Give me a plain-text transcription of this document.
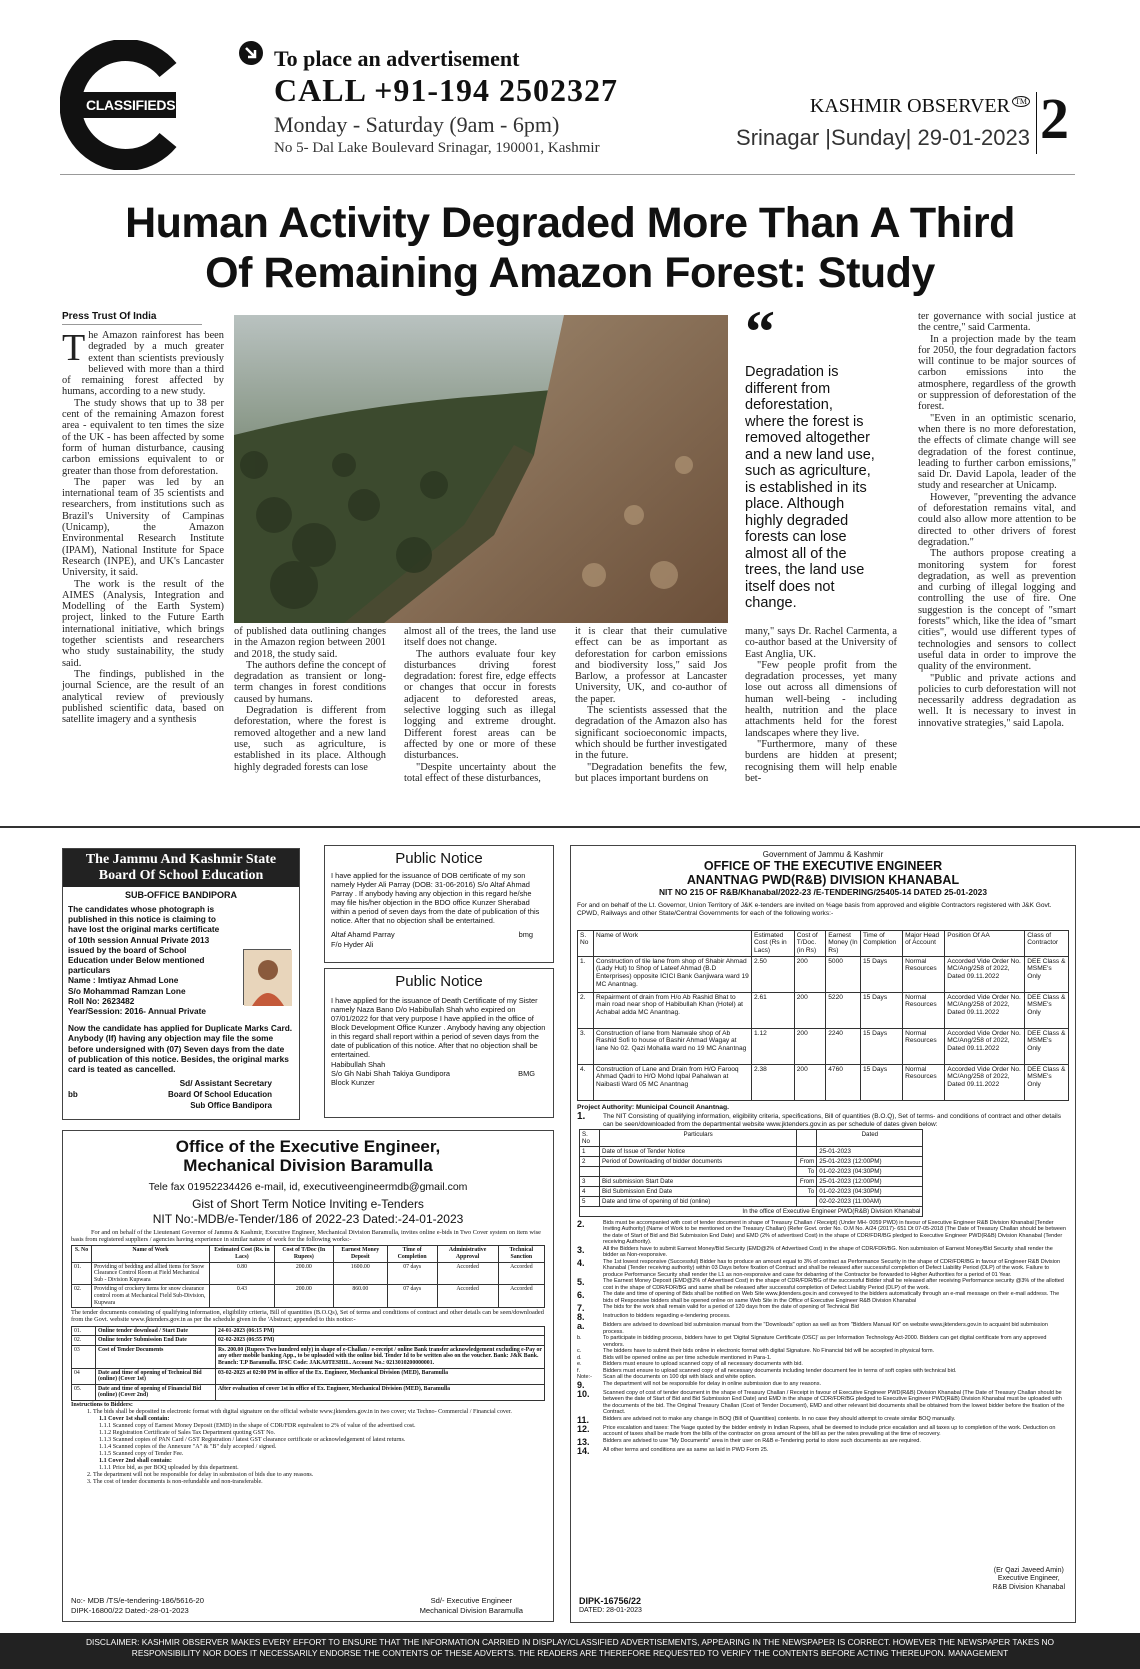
CLASSIFIEDS
To place an advertisement
CALL +91-194 2502327
Monday - Saturday (9am - 6pm)
No 5- Dal Lake Boulevard Srinagar, 190001, Kashmir
KASHMIR OBSERVER ™
Srinagar |Sunday| 29-01-2023 2
Human Activity Degraded More Than A Third
Of Remaining Amazon Forest: Study
Press Trust Of India

The Amazon rainforest has been degraded by a much greater extent than scientists previously believed with more than a third of remaining forest affected by humans, according to a new study.

The study shows that up to 38 per cent of the remaining Amazon forest area - equivalent to ten times the size of the UK - has been affected by some form of human disturbance, causing carbon emissions equivalent to or greater than those from deforestation.

The paper was led by an international team of 35 scientists and researchers, from institutions such as Brazil's University of Campinas (Unicamp), the Amazon Environmental Research Institute (IPAM), National Institute for Space Research (INPE), and UK's Lancaster University, it said.

The work is the result of the AIMES (Analysis, Integration and Modelling of the Earth System) project, linked to the Future Earth international initiative, which brings together scientists and researchers who study sustainability, the study said.

The findings, published in the journal Science, are the result of an analytical review of previously published scientific data, based on satellite imagery and a synthesis

of published data outlining changes in the Amazon region between 2001 and 2018, the study said.

The authors define the concept of degradation as transient or long-term changes in forest conditions caused by humans.

Degradation is different from deforestation, where the forest is removed altogether and a new land use, such as agriculture, is established in its place. Although highly degraded forests can lose

almost all of the trees, the land use itself does not change.

The authors evaluate four key disturbances driving forest degradation: forest fire, edge effects or changes that occur in forests adjacent to deforested areas, selective logging such as illegal logging and extreme drought. Different forest areas can be affected by one or more of these disturbances.

"Despite uncertainty about the total effect of these disturbances,

it is clear that their cumulative effect can be as important as deforestation for carbon emissions and biodiversity loss," said Jos Barlow, a professor at Lancaster University, UK, and co-author of the paper.

The scientists assessed that the degradation of the Amazon also has significant socioeconomic impacts, which should be further investigated in the future.

"Degradation benefits the few, but places important burdens on

many," says Dr. Rachel Carmenta, a co-author based at the University of East Anglia, UK.

"Few people profit from the degradation processes, yet many lose out across all dimensions of human well-being - including health, nutrition and the place attachments held for the forest landscapes where they live.

"Furthermore, many of these burdens are hidden at present; recognising them will help enable bet-

“
Degradation is different from deforestation, where the forest is removed altogether and a new land use, such as agriculture, is established in its place. Although highly degraded forests can lose almost all of the trees, the land use itself does not change.

ter governance with social justice at the centre," said Carmenta.

In a projection made by the team for 2050, the four degradation factors will continue to be major sources of carbon emissions into the atmosphere, regardless of the growth or suppression of deforestation of the forest.

"Even in an optimistic scenario, when there is no more deforestation, the effects of climate change will see degradation of the forest continue, leading to further carbon emissions," said Dr. David Lapola, leader of the study and researcher at Unicamp.

However, "preventing the advance of deforestation remains vital, and could also allow more attention to be directed to other drivers of forest degradation."

The authors propose creating a monitoring system for forest degradation, as well as prevention and curbing of illegal logging and controlling the use of fire. One suggestion is the concept of "smart forests" which, like the idea of "smart cities", would use different types of technologies and sensors to collect useful data in order to improve the quality of the environment.

"Public and private actions and policies to curb deforestation will not necessarily address degradation as well. It is necessary to invest in innovative strategies," said Lapola.

The Jammu And Kashmir State
Board Of School Education
SUB-OFFICE BANDIPORA
The candidates whose photograph is published in this notice is claiming to have lost the original marks certificate of 10th session Annual Private 2013 issued by the board of School Education under Below mentioned particulars
Name : Imtiyaz Ahmad Lone
S/o Mohammad Ramzan Lone
Roll No: 2623482
Year/Session: 2016- Annual Private
Now the candidate has applied for Duplicate Marks Card. Anybody (If) having any objection may file the some before undersigned with (07) Seven days from the date of publication of this notice. Besides, the original marks card is teated as cancelled.
Sd/ Assistant Secretary
bb	Board Of School Education
Sub Office Bandipora
Public Notice
I have applied for the issuance of DOB certificate of my son namely Hyder Ali Parray (DOB: 31-06-2016) S/o Altaf Ahmad Parray . If anybody having any objection in this regard he/she may file his/her objection in the BDO office Kunzer Sherabad within a period of seven days from the date of publication of this notice. After that no objection shall be entertained.
Altaf Ahamd Parray	bmg
F/o Hyder Ali
Public Notice
I have applied for the issuance of Death Certificate of my Sister namely Naza Bano D/o Habibullah Shah who expired on 07/01/2022 for that very purpose I have applied in the office of Block Development Office Kunzer . Anybody having any objection in this regard shall report within a period of seven days from the date of publication of this notice. After that no objection shall be entertained.
Habibullah Shah
S/o Gh Nabi Shah Takiya Gundipora	BMG
Block Kunzer
Office of the Executive Engineer,
Mechanical Division Baramulla
Tele fax 01952234426 e-mail, id, executiveengineermdb@gmail.com
Gist of Short Term Notice Inviting e-Tenders
NIT No:-MDB/e-Tender/186 of 2022-23 Dated:-24-01-2023
For and on behalf of the Lieutenant Governor of Jammu & Kashmir, Executive Engineer, Mechanical Division Baramulla, invites online e-bids in Two Cover system on item wise basis from registered suppliers / agencies having experience in similar nature of work for the following works:-
S. No	Name of Work	Estimated Cost (Rs. in Lacs)	Cost of T/Doc (In Rupees)	Earnest Money Deposit	Time of Completion	Administrative Approval	Technical Sanction
01.	Providing of bedding and allied items for Snow Clearance Control Room at Field Mechanical Sub - Division Kupwara	0.80	200.00	1600.00	07 days	Accorded	Accorded
02.	Providing of crockery items for snow clearance control room at Mechanical Field Sub-Division, Kupwara	0.43	200.00	860.00	07 days	Accorded	Accorded
The tender documents consisting of qualifying information, eligibility criteria, Bill of quantities (B.O.Qs), Set of terms and conditions of contract and other details can be seen/downloaded from the Govt. website www.jktenders.gov.in as per the schedule given in the 'Abstract; appended to this notice:-
01.	Online tender download / Start Date	24-01-2023 (06:15 PM)
02.	Online tender Submission End Date	02-02-2023 (06:55 PM)
03	Cost of Tender Documents	Rs. 200.00 (Rupees Two hundred only) in shape of e-Challan / e-receipt / online Bank transfer acknowledgement excluding e-Pay or any other mobile banking App., to be uploaded with the online bid. Tender Id to be written also on the voucher. Bank: J&K Bank. Branch: T.P Baramulla. IFSC Code: JAKA0TESHIL. Account No.: 0213010200000001.
04	Date and time of opening of Technical Bid (online) (Cover 1st)	03-02-2023 at 02:00 PM in office of the Ex. Engineer, Mechanical Division (MED), Baramulla
05.	Date and time of opening of Financial Bid (online) (Cover 2nd)	After evaluation of cover 1st in office of Ex. Engineer, Mechanical Division (MED), Baramulla
Instructions to Bidders:
1. The bids shall be deposited in electronic format with digital signature on the official website www.jktenders.gov.in in two cover; viz Techno- Commercial / Financial cover.
1.1 Cover 1st shall contain:
1.1.1 Scanned copy of Earnest Money Deposit (EMD) in the shape of CDR/FDR equivalent to 2% of value of the advertised cost.
1.1.2 Registration Certificate of Sales Tax Department quoting GST No.
1.1.3 Scanned copies of PAN Card / GST Registration / latest GST clearance certificate or acknowledgement of latest returns.
1.1.4 Scanned copies of the Annexure "A" & "B" duly accepted / signed.
1.1.5 Scanned copy of Tender Fee.
1.1 Cover 2nd shall contain:
1.1.1 Price bid, as per BOQ uploaded by this department.
2. The department will not be responsible for delay in submission of bids due to any reasons.
3. The cost of tender documents is non-refundable and non-transferable.
No:- MDB /TS/e-tendering-186/5616-20
DIPK-16800/22 Dated:-28-01-2023
Sd/- Executive Engineer
Mechanical Division Baramulla
Government of Jammu & Kashmir
OFFICE OF THE EXECUTIVE ENGINEER
ANANTNAG PWD(R&B) DIVISION KHANABAL
NIT NO 215 OF R&B/Khanabal/2022-23 /E-TENDERING/25405-14 DATED 25-01-2023
For and on behalf of the Lt. Governor, Union Territory of J&K e-tenders are invited on %age basis from approved and eligible Contractors registered with J&K Govt. CPWD, Railways and other State/Central Governments for each of the following works:-
S. No	Name of Work	Estimated Cost (Rs in Lacs)	Cost of T/Doc. (in Rs)	Earnest Money (In Rs)	Time of Completion	Major Head of Account	Position Of AA	Class of Contractor
1.	Construction of tile lane from shop of Shabir Ahmad (Lady Hut) to Shop of Lateef Ahmad (B.D Enterprises) opposite ICICI Bank Ganjiwara ward 19 MC Anantnag.	2.50	200	5000	15 Days	Normal Resources	Accorded Vide Order No. MC/Ang/258 of 2022, Dated 09.11.2022	DEE Class & MSME's Only
2.	Repairment of drain from H/o Ab Rashid Bhat to main road near shop of Habibullah Khan (Hotel) at Achabal adda MC Anantnag.	2.61	200	5220	15 Days	Normal Resources	Accorded Vide Order No. MC/Ang/258 of 2022, Dated 09.11.2022	DEE Class & MSME's Only
3.	Construction of lane from Nanwale shop of Ab Rashid Sofi to house of Bashir Ahmad Wagay at lane No 02. Qazi Mohalla ward no 19 MC Anantnag	1.12	200	2240	15 Days	Normal Resources	Accorded Vide Order No. MC/Ang/258 of 2022, Dated 09.11.2022	DEE Class & MSME's Only
4.	Construction of Lane and Drain from H/O Farooq Ahmad Qadri to H/O Mohd Iqbal Pahalwan at Naibasti Ward 05 MC Anantnag	2.38	200	4760	15 Days	Normal Resources	Accorded Vide Order No. MC/Ang/258 of 2022, Dated 09.11.2022	DEE Class & MSME's Only
Project Authority: Municipal Council Anantnag.
1.	The NIT Consisting of qualifying information, eligibility criteria, specifications, Bill of quantities (B.O.Q), Set of terms- and conditions of contract and other details can be seen/downloaded from the departmental website www.jktenders.gov.in as per schedule of dates given below:
S. No	Particulars		Dated
1	Date of Issue of Tender Notice		25-01-2023
2	Period of Downloading of bidder documents	From	25-01-2023 (12:00PM)
		To	01-02-2023 (04:30PM)
3	Bid submission Start Date	From	25-01-2023 (12:00PM)
4	Bid Submission End Date	To	01-02-2023 (04:30PM)
5	Date and time of opening of bid (online)		02-02-2023 (11:00AM)
In the office of Executive Engineer PWD(R&B) Division Khanabal			
2.	Bids must be accompanied with cost of tender document in shape of Treasury Challan / Receipt) (Under MH- 0059 PWD) in favour of Executive Engineer R&B Division Khanabal [Tender Inviting Authority] (Name of Work to be mentioned on the Treasury Challan) (Refer Govt. order No. O.M No. A/24 (2017)- 651 Dt 07-05-2018 (The Date of Treasury Challan should be between the date of Start of Bid and Bid Submission End Date) and EMD (2% of advertised Cost) in the shape of CDR/FDR/BG pledged to Executive Engineer PWD(R&B) Division Khanabal (Tender receiving Authority).
3.	All the Bidders have to submit Earnest Money/Bid Security (EMD@2% of Advertised Cost) in the shape of CDR/FDR/BG. Non submission of Earnest Money/Bid Security shall render the bidder as Non-responsive.
4.	The 1st lowest responsive (Successful) Bidder has to produce an amount equal to 3% of contract as Performance Security in the shape of CDR/FDR/BG in favour of Engineer R&B Division Khanabal (Tender receiving authority) within 03 Days before fixation of Contract and shall be released after successful completion of Defect Liability Period (DLP) of the work. Failure to produce Performance Security shall render the L1 as non-responsive and case for debarring of the Contractor be forwarded to Higher Authorities for a period of 01 Year.
5.	The Earnest Money Deposit (EMD@2% of Advertised Cost) in the shape of CDR/FDR/BG of the successful Bidder shall be released after receiving Performance security @3% of the allotted cost in the shape of CDR/FDR/BG and same shall be released after successful completion of Defect Liability Period (DLP) of the work.
6.	The date and time of opening of Bids shall be notified on Web Site www.jktenders.gov.in and conveyed to the bidders automatically through an e-mail message on their e-mail address. The bids of Responsive bidders shall be opened online on same Web Site in the Office of Executive Engineer R&B Division Khanabal
7.	The bids for the work shall remain valid for a period of 120 days from the date of opening of Technical Bid
8.	Instruction to bidders regarding e-tendering process.
a.	Bidders are advised to download bid submission manual from the "Downloads" option as well as from "Bidders Manual Kit" on website www.jktenders.gov.in to acquaint bid submission process.
b.	To participate in bidding process, bidders have to get 'Digital Signature Certificate (DSC)' as per Information Technology Act-2000. Bidders can get digital certificate from any approved vendors.
c.	The bidders have to submit their bids online in electronic format with digital Signature. No Financial bid will be accepted in physical form.
d.	Bids will be opened online as per time schedule mentioned in Para-1.
e.	Bidders must ensure to upload scanned copy of all necessary documents with bid.
f.	Bidders must ensure to upload scanned copy of all necessary documents including tender document fee in terms of soft copies with technical bid.
Note:-	Scan all the documents on 100 dpi with black and white option.
9.	The department will not be responsible for delay in online submission due to any reasons.
10.	Scanned copy of cost of tender document in the shape of Treasury Challan / Receipt in favour of Executive Engineer PWD(R&B) Division Khanabal (The Date of Treasury Challan should be between the date of Start of Bid and Bid Submission End Date) and EMD in the shape of CDR/FDR/BG pledged to Executive Engineer PWD(R&B) Division Khanabal must be uploaded with the documents of the bid. The Original Treasury Challan (Cost of Tender Document), EMD and other relevant bid documents shall be obtained from the lowest bidder before the fixation of the Contract.
11.	Bidders are advised not to make any change in BOQ (Bill of Quantities) contents. In no case they should attempt to create similar BOQ manually.
12.	Price escalation and taxes: The %age quoted by the bidder entirely in Indian Rupees, shall be deemed to include price escalation and all taxes up to completion of the work. Deduction on account of taxes shall be made from the bills of the contractor on gross amount of the bill as per the rates prevailing at the time of recovery.
13.	Bidders are advised to use "My Documents" area in their user on R&B e-Tendering portal to store such documents as are required.
14.	All other terms and conditions are as same as laid in PWD Form 25.
(Er Qazi Javeed Amin)
Executive Engineer,
R&B Division Khanabal
DIPK-16756/22
DATED: 28-01-2023
DISCLAIMER: KASHMIR OBSERVER MAKES EVERY EFFORT TO ENSURE THAT THE INFORMATION CARRIED IN DISPLAY/CLASSIFIED ADVERTISEMENTS, APPEARING IN THE NEWSPAPER IS CORRECT. HOWEVER THE NEWSPAPER TAKES NO RESPONSIBILITY NOR DOES IT NECESSARILY ENDORSE THE CONTENTS OF THESE ADVERTS. THE READERS ARE THEREFORE REQUESTED TO VERIFY THE CONTENTS BEFORE ACTING THEREUPON. MANAGEMENT
